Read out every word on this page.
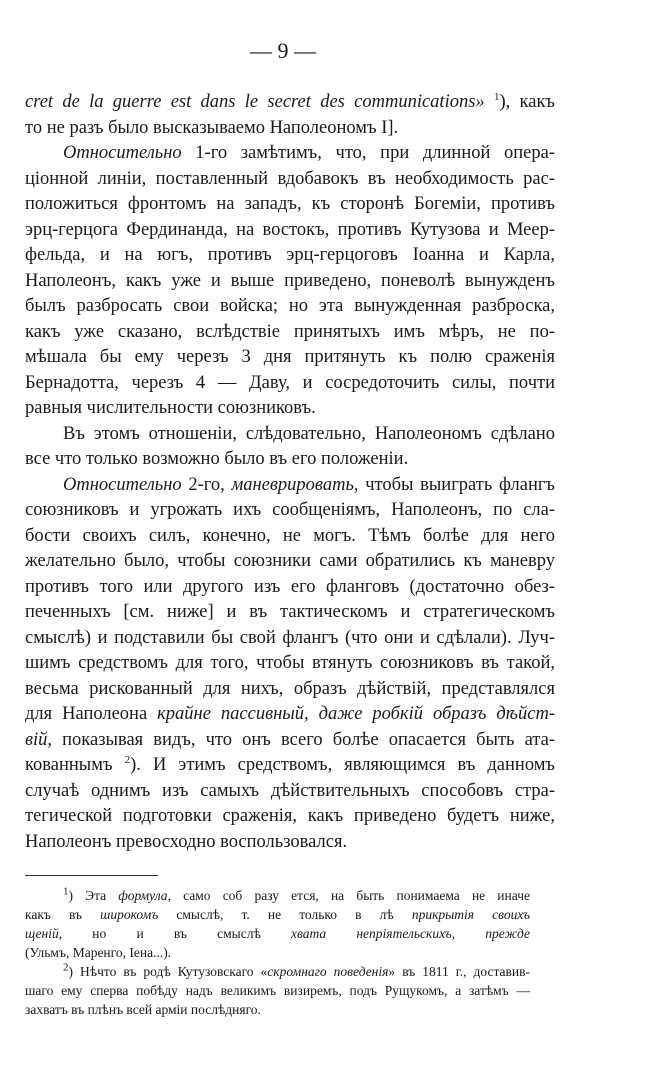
— 9 —
cret de la guerre est dans le secret des communications» $^1$), какъ
то не разъ было высказываемо Наполеономъ I].
Относительно 1-го замѣтимъ, что, при длинной опера-
ціонной линіи, поставленный вдобавокъ въ необходимость рас-
положиться фронтомъ на западъ, къ сторонѣ Богеміи, противъ
эрц-герцога Фердинанда, на востокъ, противъ Кутузова и Меер-
фельда, и на югъ, противъ эрц-герцоговъ Іоанна и Карла,
Наполеонъ, какъ уже и выше приведено, поневолѣ вынужденъ
былъ разбросать свои войска; но эта вынужденная разброска,
какъ уже сказано, вслѣдствіе принятыхъ имъ мѣръ, не по-
мѣшала бы ему черезъ 3 дня притянуть къ полю сраженія
Бернадотта, черезъ 4 — Даву, и сосредоточить силы, почти
равныя числительности союзниковъ.
Въ этомъ отношеніи, слѣдовательно, Наполеономъ сдѣлано
все что только возможно было въ его положеніи.
Относительно 2-го, маневрировать, чтобы выиграть флангъ
союзниковъ и угрожать ихъ сообщеніямъ, Наполеонъ, по сла-
бости своихъ силъ, конечно, не могъ. Тѣмъ болѣе для него
желательно было, чтобы союзники сами обратились къ маневру
противъ того или другого изъ его фланговъ (достаточно обез-
печенныхъ [см. ниже] и въ тактическомъ и стратегическомъ
смыслѣ) и подставили бы свой флангъ (что они и сдѣлали). Луч-
шимъ средствомъ для того, чтобы втянуть союзниковъ въ такой,
весьма рискованный для нихъ, образъ дѣйствій, представлялся
для Наполеона крайне пассивный, даже робкій образъ дѣйст-
вій, показывая видъ, что онъ всего болѣе опасается быть ата-
кованнымъ $^2$). И этимъ средствомъ, являющимся въ данномъ
случаѣ однимъ изъ самыхъ дѣйствительныхъ способовъ стра-
тегической подготовки сраженія, какъ приведено будетъ ниже,
Наполеонъ превосходно воспользовался.
$^1$) Эта формула, само соб разу ется, на быть понимаема не иначе
какъ въ широкомъ смыслѣ, т. не только в лѣ прикрытія своихъ
щеній, но и въ смыслѣ хвата непріятельскихъ, прежде
(Ульмъ, Маренго, Іена...).
$^2$) Нѣчто въ родѣ Кутузовскаго «скромнаго поведенія» въ 1811 г., доставив-
шаго ему сперва побѣду надъ великимъ визиремъ, подъ Рущукомъ, а затѣмъ —
захватъ въ плѣнъ всей арміи послѣдняго.
